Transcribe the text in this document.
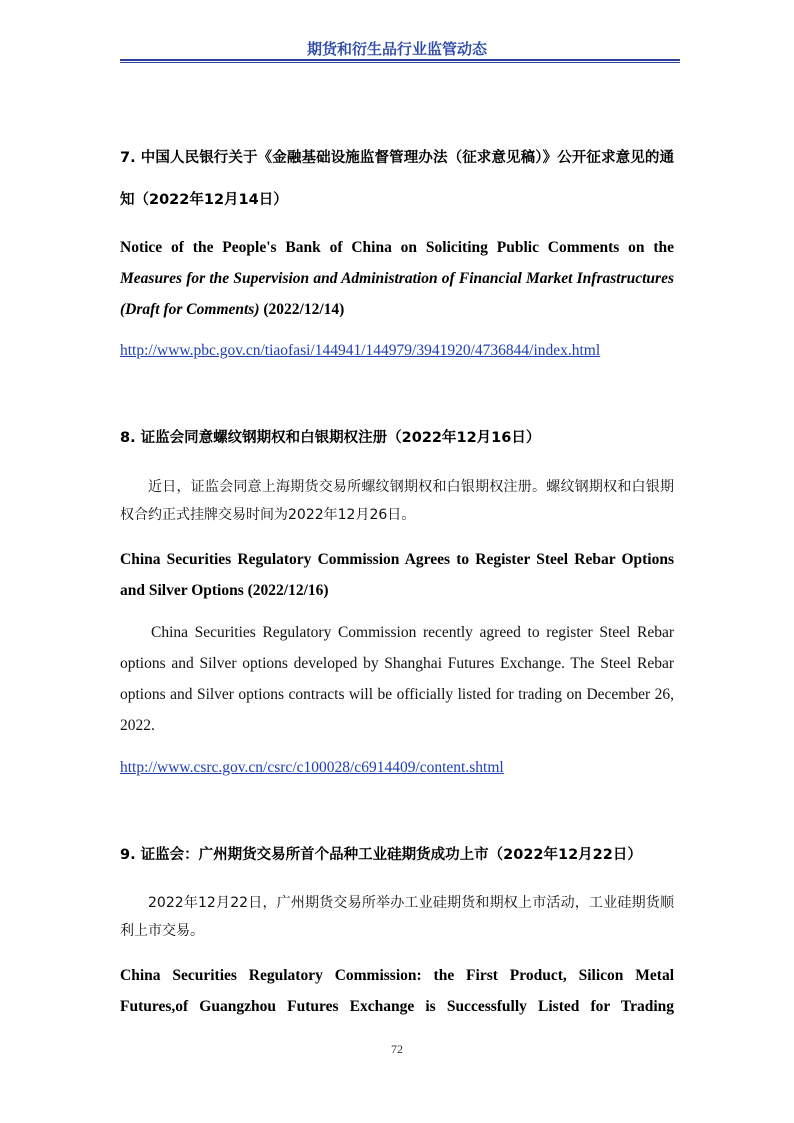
期货和衍生品行业监管动态
7. 中国人民银行关于《金融基础设施监督管理办法（征求意见稿）》公开征求意见的通知（2022年12月14日）
Notice of the People's Bank of China on Soliciting Public Comments on the Measures for the Supervision and Administration of Financial Market Infrastructures (Draft for Comments) (2022/12/14)
http://www.pbc.gov.cn/tiaofasi/144941/144979/3941920/4736844/index.html
8. 证监会同意螺纹钢期权和白银期权注册（2022年12月16日）
近日，证监会同意上海期货交易所螺纹钢期权和白银期权注册。螺纹钢期权和白银期权合约正式挂牌交易时间为2022年12月26日。
China Securities Regulatory Commission Agrees to Register Steel Rebar Options and Silver Options (2022/12/16)
China Securities Regulatory Commission recently agreed to register Steel Rebar options and Silver options developed by Shanghai Futures Exchange. The Steel Rebar options and Silver options contracts will be officially listed for trading on December 26, 2022.
http://www.csrc.gov.cn/csrc/c100028/c6914409/content.shtml
9. 证监会：广州期货交易所首个品种工业硅期货成功上市（2022年12月22日）
2022年12月22日，广州期货交易所举办工业硅期货和期权上市活动，工业硅期货顺利上市交易。
China Securities Regulatory Commission: the First Product, Silicon Metal Futures,of Guangzhou Futures Exchange is Successfully Listed for Trading
72
